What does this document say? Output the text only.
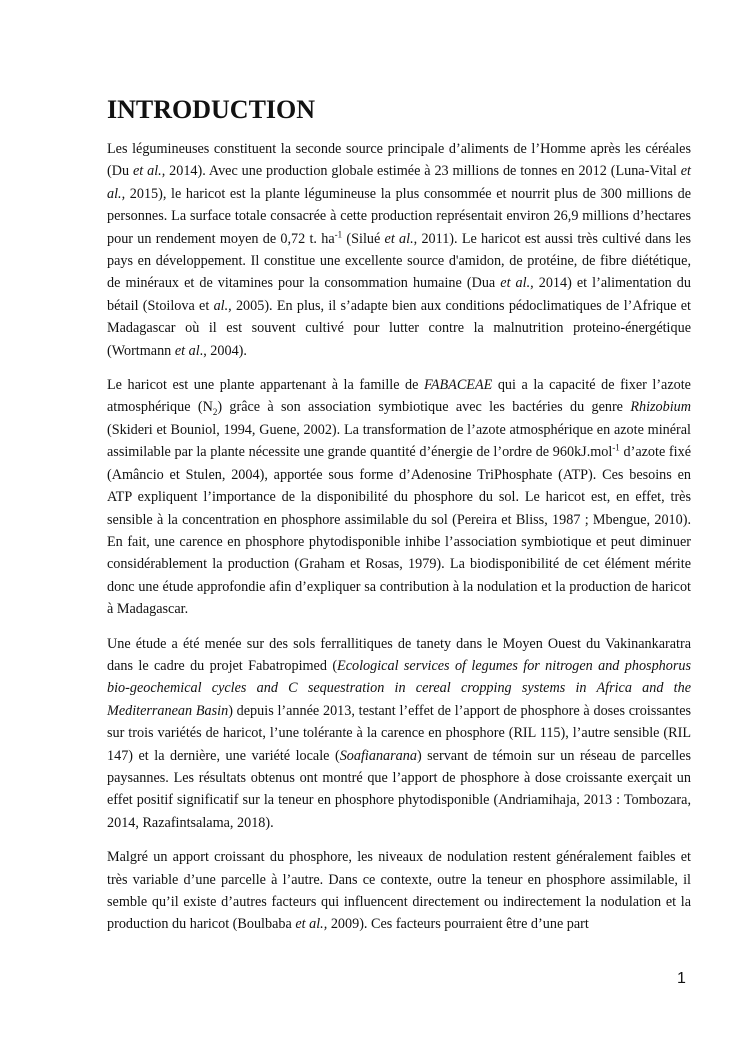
INTRODUCTION

Les légumineuses constituent la seconde source principale d’aliments de l’Homme après les céréales (Du et al., 2014). Avec une production globale estimée à 23 millions de tonnes en 2012 (Luna-Vital et al., 2015), le haricot est la plante légumineuse la plus consommée et nourrit plus de 300 millions de personnes. La surface totale consacrée à cette production représentait environ 26,9 millions d’hectares pour un rendement moyen de 0,72 t. $ha^{-1}$ (Silué et al., 2011). Le haricot est aussi très cultivé dans les pays en développement. Il constitue une excellente source d'amidon, de protéine, de fibre diététique, de minéraux et de vitamines pour la consommation humaine (Dua et al., 2014) et l’alimentation du bétail (Stoilova et al., 2005). En plus, il s’adapte bien aux conditions pédoclimatiques de l’Afrique et Madagascar où il est souvent cultivé pour lutter contre la malnutrition proteino-énergétique (Wortmann et al., 2004).

Le haricot est une plante appartenant à la famille de FABACEAE qui a la capacité de fixer l’azote atmosphérique $(N_2)$ grâce à son association symbiotique avec les bactéries du genre Rhizobium (Skideri et Bouniol, 1994, Guene, 2002). La transformation de l’azote atmosphérique en azote minéral assimilable par la plante nécessite une grande quantité d’énergie de l’ordre de 960kJ.mol$^{-1}$ d’azote fixé (Amâncio et Stulen, 2004), apportée sous forme d’Adenosine TriPhosphate (ATP). Ces besoins en ATP expliquent l’importance de la disponibilité du phosphore du sol. Le haricot est, en effet, très sensible à la concentration en phosphore assimilable du sol (Pereira et Bliss, 1987 ; Mbengue, 2010). En fait, une carence en phosphore phytodisponible inhibe l’association symbiotique et peut diminuer considérablement la production (Graham et Rosas, 1979). La biodisponibilité de cet élément mérite donc une étude approfondie afin d’expliquer sa contribution à la nodulation et la production de haricot à Madagascar.

Une étude a été menée sur des sols ferrallitiques de tanety dans le Moyen Ouest du Vakinankaratra dans le cadre du projet Fabatropimed (Ecological services of legumes for nitrogen and phosphorus bio-geochemical cycles and C sequestration in cereal cropping systems in Africa and the Mediterranean Basin) depuis l’année 2013, testant l’effet de l’apport de phosphore à doses croissantes sur trois variétés de haricot, l’une tolérante à la carence en phosphore (RIL 115), l’autre sensible (RIL 147) et la dernière, une variété locale (Soafianarana) servant de témoin sur un réseau de parcelles paysannes. Les résultats obtenus ont montré que l’apport de phosphore à dose croissante exerçait un effet positif significatif sur la teneur en phosphore phytodisponible (Andriamihaja, 2013 : Tombozara, 2014, Razafintsalama, 2018).

Malgré un apport croissant du phosphore, les niveaux de nodulation restent généralement faibles et très variable d’une parcelle à l’autre. Dans ce contexte, outre la teneur en phosphore assimilable, il semble qu’il existe d’autres facteurs qui influencent directement ou indirectement la nodulation et la production du haricot (Boulbaba et al., 2009). Ces facteurs pourraient être d’une part

1
